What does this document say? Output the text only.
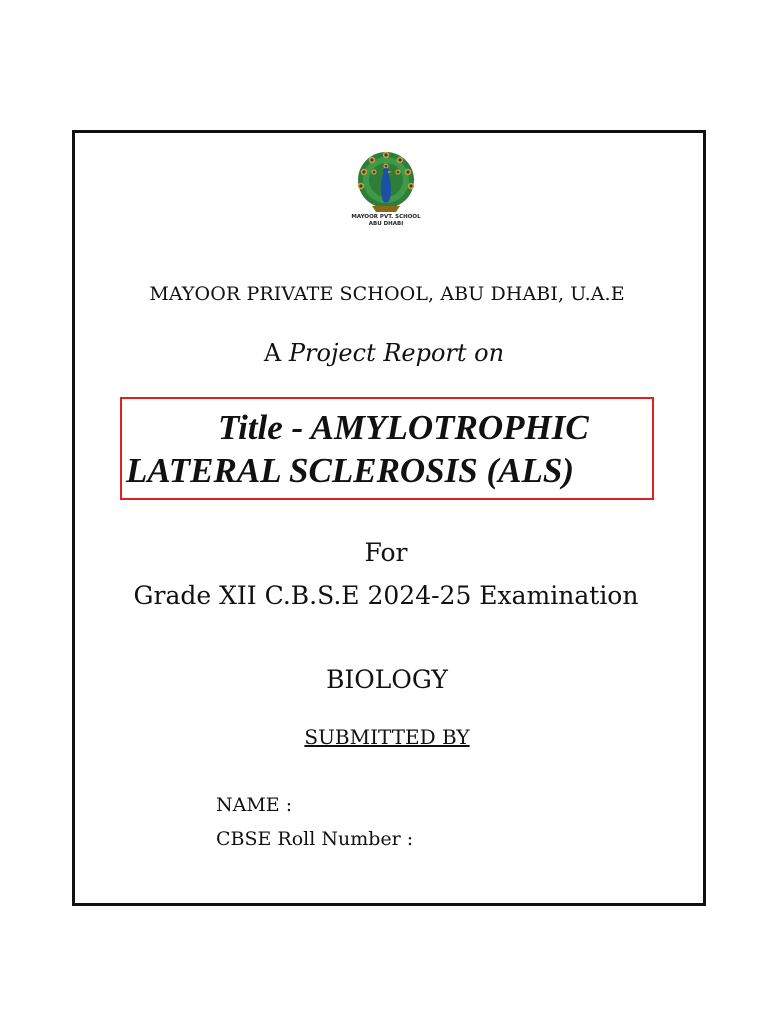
MAYOOR PVT. SCHOOL
ABU DHABI
MAYOOR PRIVATE SCHOOL, ABU DHABI, U.A.E
A Project Report on
Title - AMYLOTROPHIC
LATERAL SCLEROSIS (ALS)
For
Grade XII C.B.S.E 2024-25 Examination
BIOLOGY
SUBMITTED BY
NAME :
CBSE Roll Number :
